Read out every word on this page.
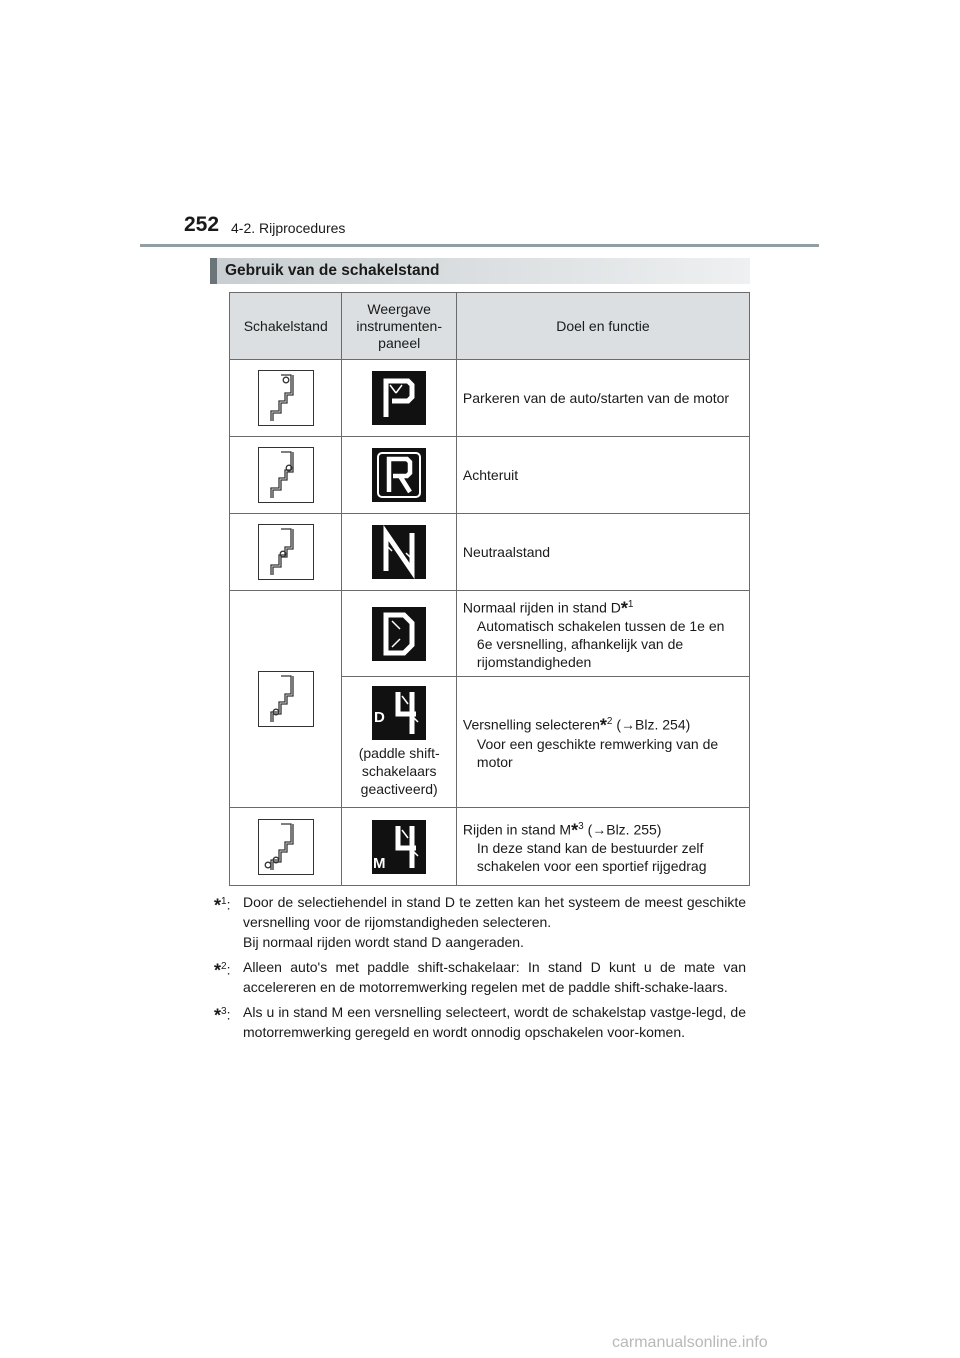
252 4-2. Rijprocedures
Gebruik van de schakelstand
Schakelstand	Weergave
instrumenten-
paneel	Doel en functie

	Parkeren van de auto/starten van de motor

	Achteruit

	Neutraalstand

	Normaal rijden in stand D*$^1$
Automatisch schakelen tussen de 1e en 6e versnelling, afhankelijk van de rijomstandigheden

D
(paddle shift-
schakelaars
geactiveerd)	Versnelling selecteren*$^2$ (→Blz. 254)
Voor een geschikte remwerking van de motor

M	Rijden in stand M*$^3$ (→Blz. 255)
In deze stand kan de bestuurder zelf schakelen voor een sportief rijgedrag
*$^1$: Door de selectiehendel in stand D te zetten kan het systeem de meest geschikte versnelling voor de rijomstandigheden selecteren.
Bij normaal rijden wordt stand D aangeraden.
*$^2$: Alleen auto's met paddle shift-schakelaar: In stand D kunt u de mate van accelereren en de motorremwerking regelen met de paddle shift-schake-laars.
*$^3$: Als u in stand M een versnelling selecteert, wordt de schakelstap vastge-legd, de motorremwerking geregeld en wordt onnodig opschakelen voor-komen.
carmanualsonline.info
